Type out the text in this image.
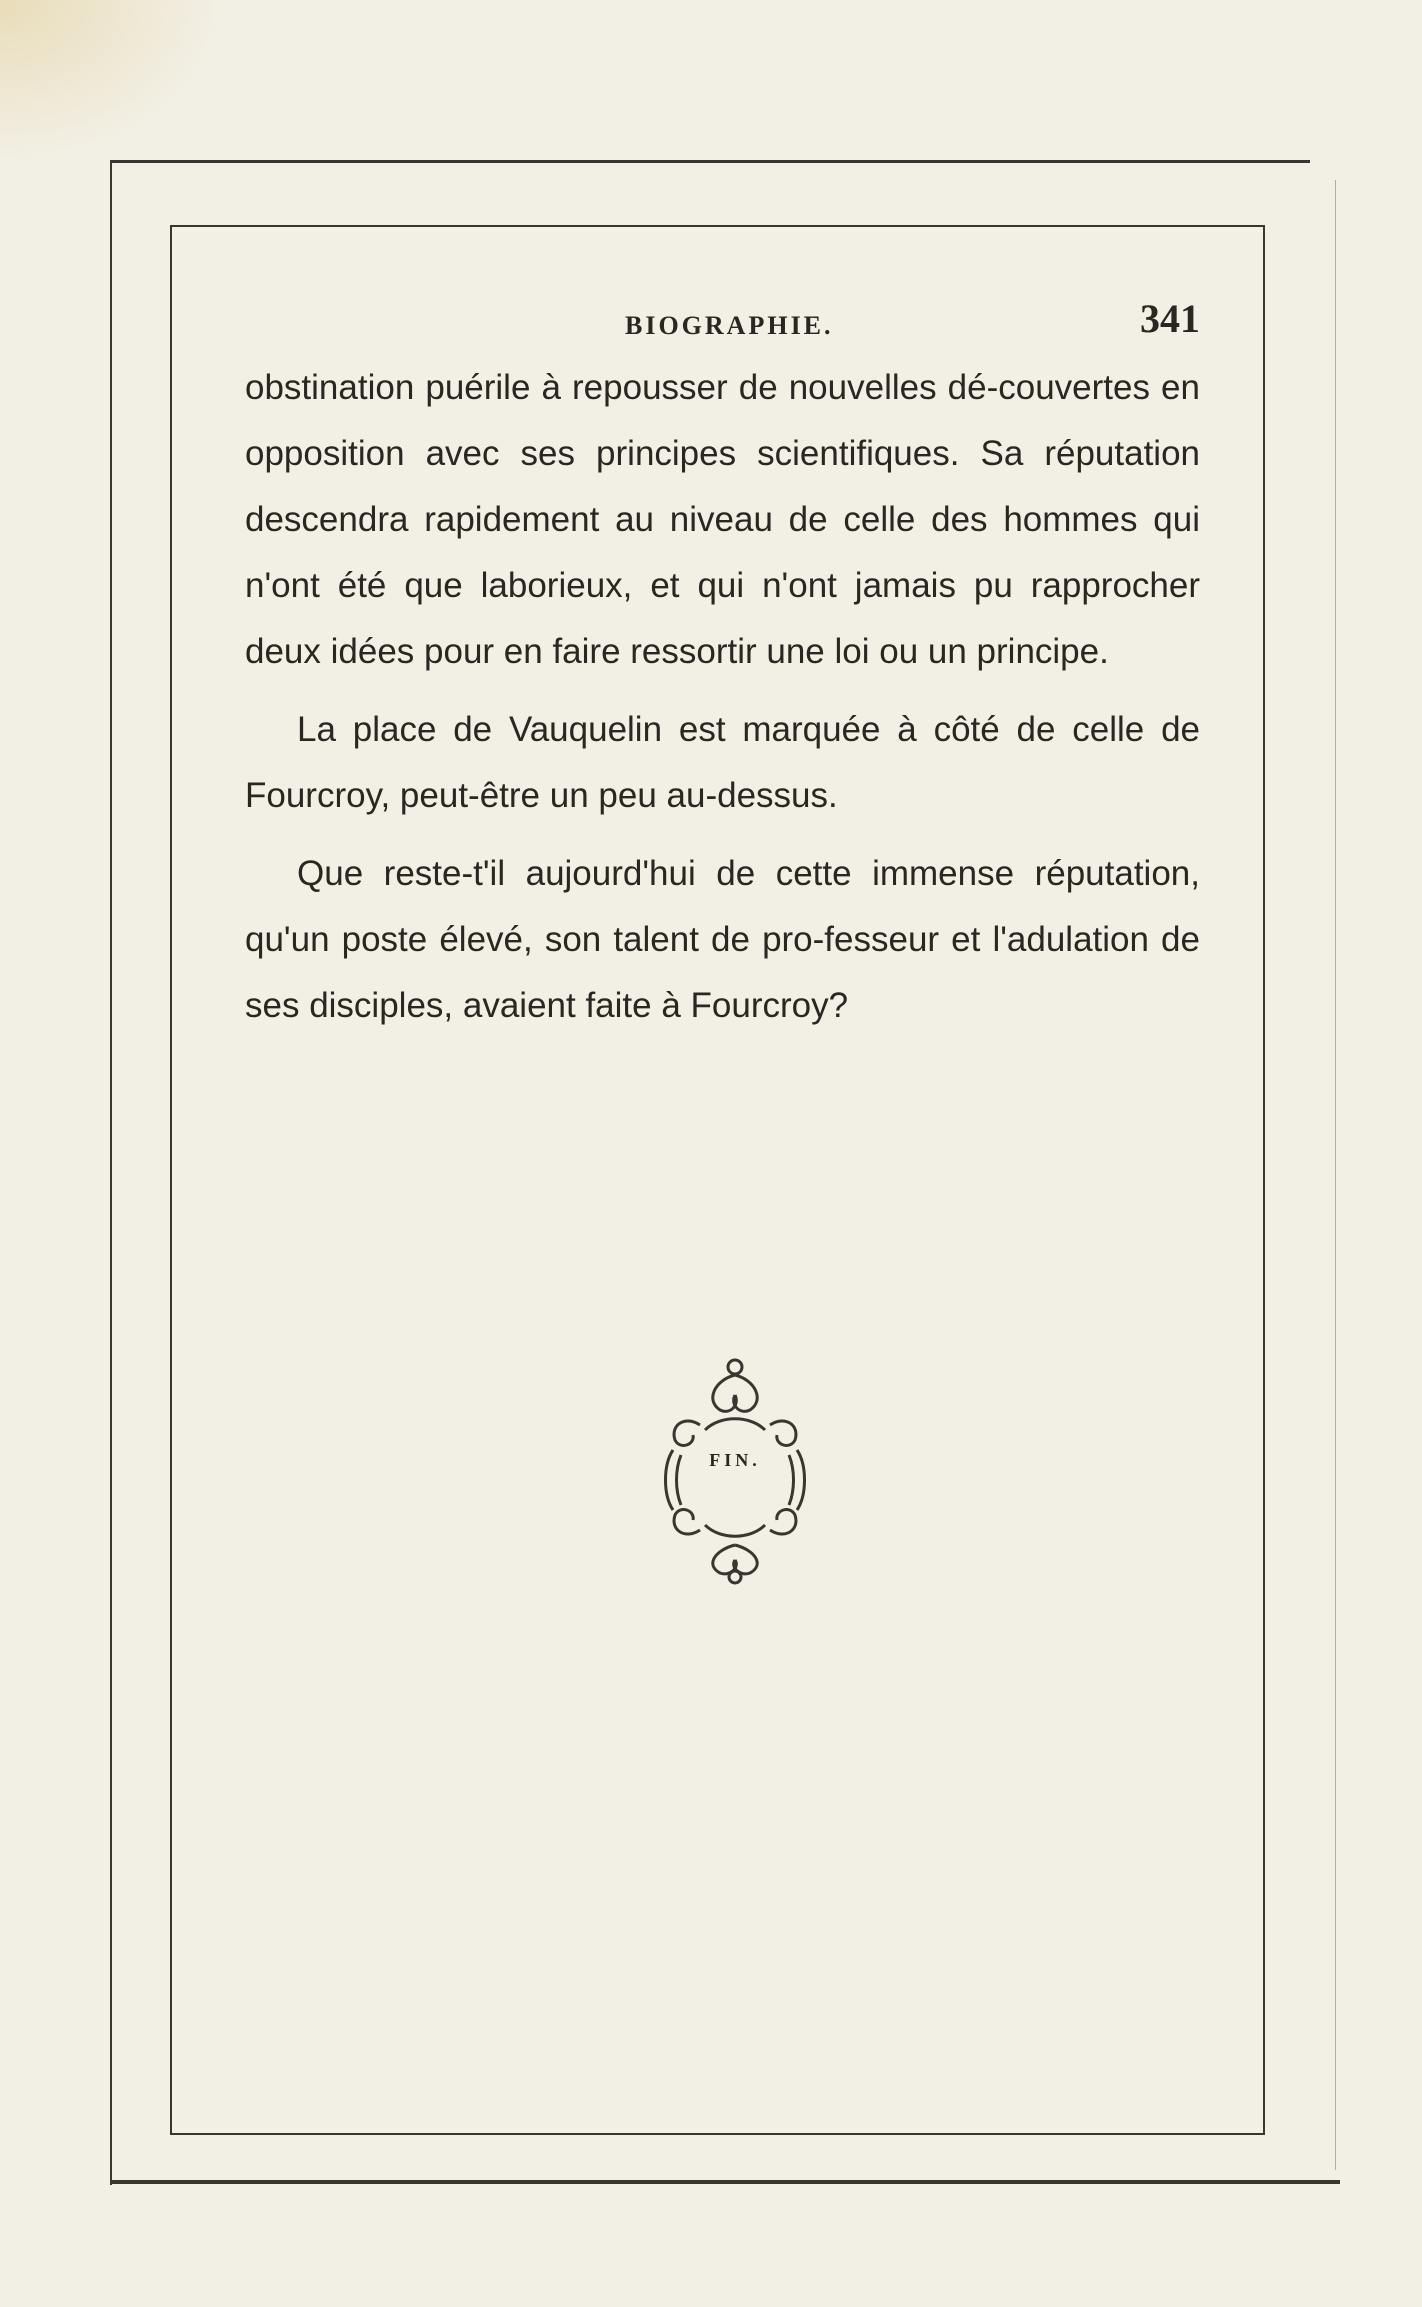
BIOGRAPHIE.	341

obstination puérile à repousser de nouvelles dé-couvertes en opposition avec ses principes scientifiques. Sa réputation descendra rapidement au niveau de celle des hommes qui n'ont été que laborieux, et qui n'ont jamais pu rapprocher deux idées pour en faire ressortir une loi ou un principe.

La place de Vauquelin est marquée à côté de celle de Fourcroy, peut-être un peu au-dessus.

Que reste-t'il aujourd'hui de cette immense réputation, qu'un poste élevé, son talent de pro-fesseur et l'adulation de ses disciples, avaient faite à Fourcroy?

FIN.
